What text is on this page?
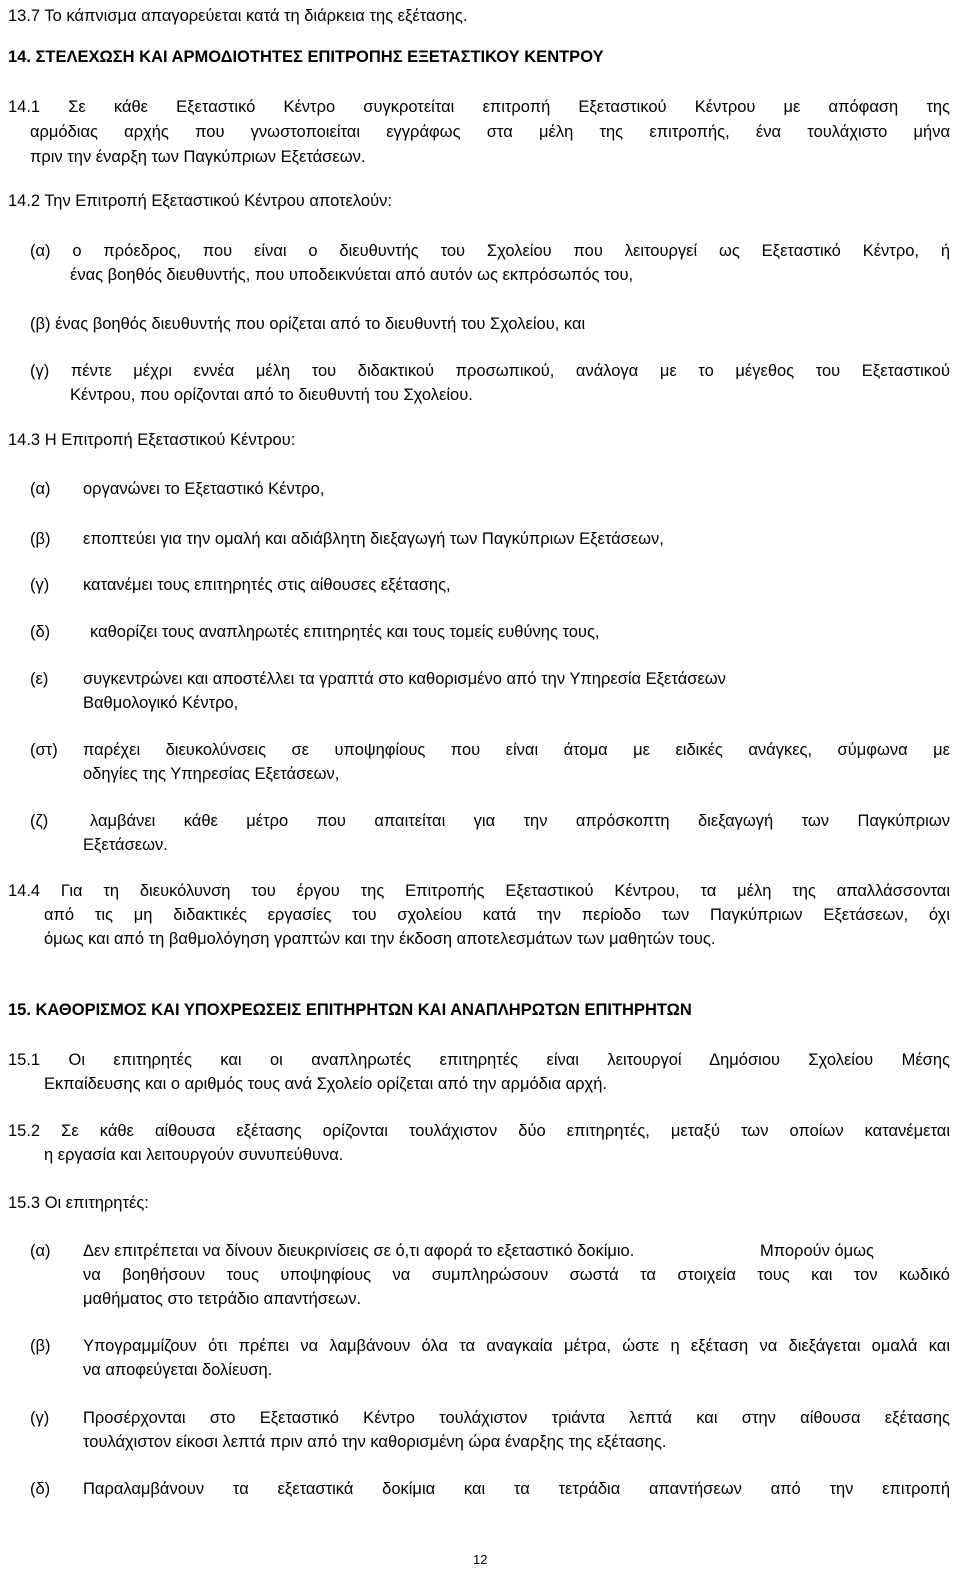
13.7 Το κάπνισμα απαγορεύεται κατά τη διάρκεια της εξέτασης.
14. ΣΤΕΛΕΧΩΣΗ ΚΑΙ ΑΡΜΟΔΙΟΤΗΤΕΣ ΕΠΙΤΡΟΠΗΣ ΕΞΕΤΑΣΤΙΚΟΥ ΚΕΝΤΡΟΥ
14.1 Σε κάθε Εξεταστικό Κέντρο συγκροτείται επιτροπή Εξεταστικού Κέντρου με απόφαση της
αρμόδιας αρχής που γνωστοποιείται εγγράφως στα μέλη της επιτροπής, ένα τουλάχιστο μήνα
πριν την έναρξη των Παγκύπριων Εξετάσεων.
14.2 Την Επιτροπή Εξεταστικού Κέντρου αποτελούν:
(α) ο πρόεδρος, που είναι ο διευθυντής του Σχολείου που λειτουργεί ως Εξεταστικό Κέντρο, ή
ένας βοηθός διευθυντής, που υποδεικνύεται από αυτόν ως εκπρόσωπός του,
(β) ένας βοηθός διευθυντής που ορίζεται από το διευθυντή του Σχολείου, και
(γ) πέντε μέχρι εννέα μέλη του διδακτικού προσωπικού, ανάλογα με το μέγεθος του Εξεταστικού
Κέντρου, που ορίζονται από το διευθυντή του Σχολείου.
14.3 Η Επιτροπή Εξεταστικού Κέντρου:
(α) οργανώνει το Εξεταστικό Κέντρο,
(β) εποπτεύει για την ομαλή και αδιάβλητη διεξαγωγή των Παγκύπριων Εξετάσεων,
(γ) κατανέμει τους επιτηρητές στις αίθουσες εξέτασης,
(δ) καθορίζει τους αναπληρωτές επιτηρητές και τους τομείς ευθύνης τους,
(ε) συγκεντρώνει και αποστέλλει τα γραπτά στο καθορισμένο από την Υπηρεσία Εξετάσεων
Βαθμολογικό Κέντρο,
(στ) παρέχει διευκολύνσεις σε υποψηφίους που είναι άτομα με ειδικές ανάγκες, σύμφωνα με
οδηγίες της Υπηρεσίας Εξετάσεων,
(ζ)	λαμβάνει κάθε μέτρο που απαιτείται για την απρόσκοπτη διεξαγωγή των Παγκύπριων
Εξετάσεων.
14.4 Για τη διευκόλυνση του έργου της Επιτροπής Εξεταστικού Κέντρου, τα μέλη της απαλλάσσονται
από τις μη διδακτικές εργασίες του σχολείου κατά την περίοδο των Παγκύπριων Εξετάσεων, όχι
όμως και από τη βαθμολόγηση γραπτών και την έκδοση αποτελεσμάτων των μαθητών τους.
15. ΚΑΘΟΡΙΣΜΟΣ ΚΑΙ ΥΠΟΧΡΕΩΣΕΙΣ ΕΠΙΤΗΡΗΤΩΝ ΚΑΙ ΑΝΑΠΛΗΡΩΤΩΝ ΕΠΙΤΗΡΗΤΩΝ
15.1 Οι επιτηρητές και οι αναπληρωτές επιτηρητές είναι λειτουργοί Δημόσιου Σχολείου Μέσης
Εκπαίδευσης και ο αριθμός τους ανά Σχολείο ορίζεται από την αρμόδια αρχή.
15.2 Σε κάθε αίθουσα εξέτασης ορίζονται τουλάχιστον δύο επιτηρητές, μεταξύ των οποίων κατανέμεται
η εργασία και λειτουργούν συνυπεύθυνα.
15.3 Οι επιτηρητές:
(α) Δεν επιτρέπεται να δίνουν διευκρινίσεις σε ό,τι αφορά το εξεταστικό δοκίμιο.	Μπορούν όμως
να βοηθήσουν τους υποψηφίους να συμπληρώσουν σωστά τα στοιχεία τους και τον κωδικό
μαθήματος στο τετράδιο απαντήσεων.
(β) Υπογραμμίζουν ότι πρέπει να λαμβάνουν όλα τα αναγκαία μέτρα, ώστε η εξέταση να διεξάγεται ομαλά και
να αποφεύγεται δολίευση.
(γ) Προσέρχονται στο Εξεταστικό Κέντρο τουλάχιστον τριάντα λεπτά και στην αίθουσα εξέτασης
τουλάχιστον είκοσι λεπτά πριν από την καθορισμένη ώρα έναρξης της εξέτασης.
(δ) Παραλαμβάνουν τα εξεταστικά δοκίμια και τα τετράδια απαντήσεων από την επιτροπή
12
